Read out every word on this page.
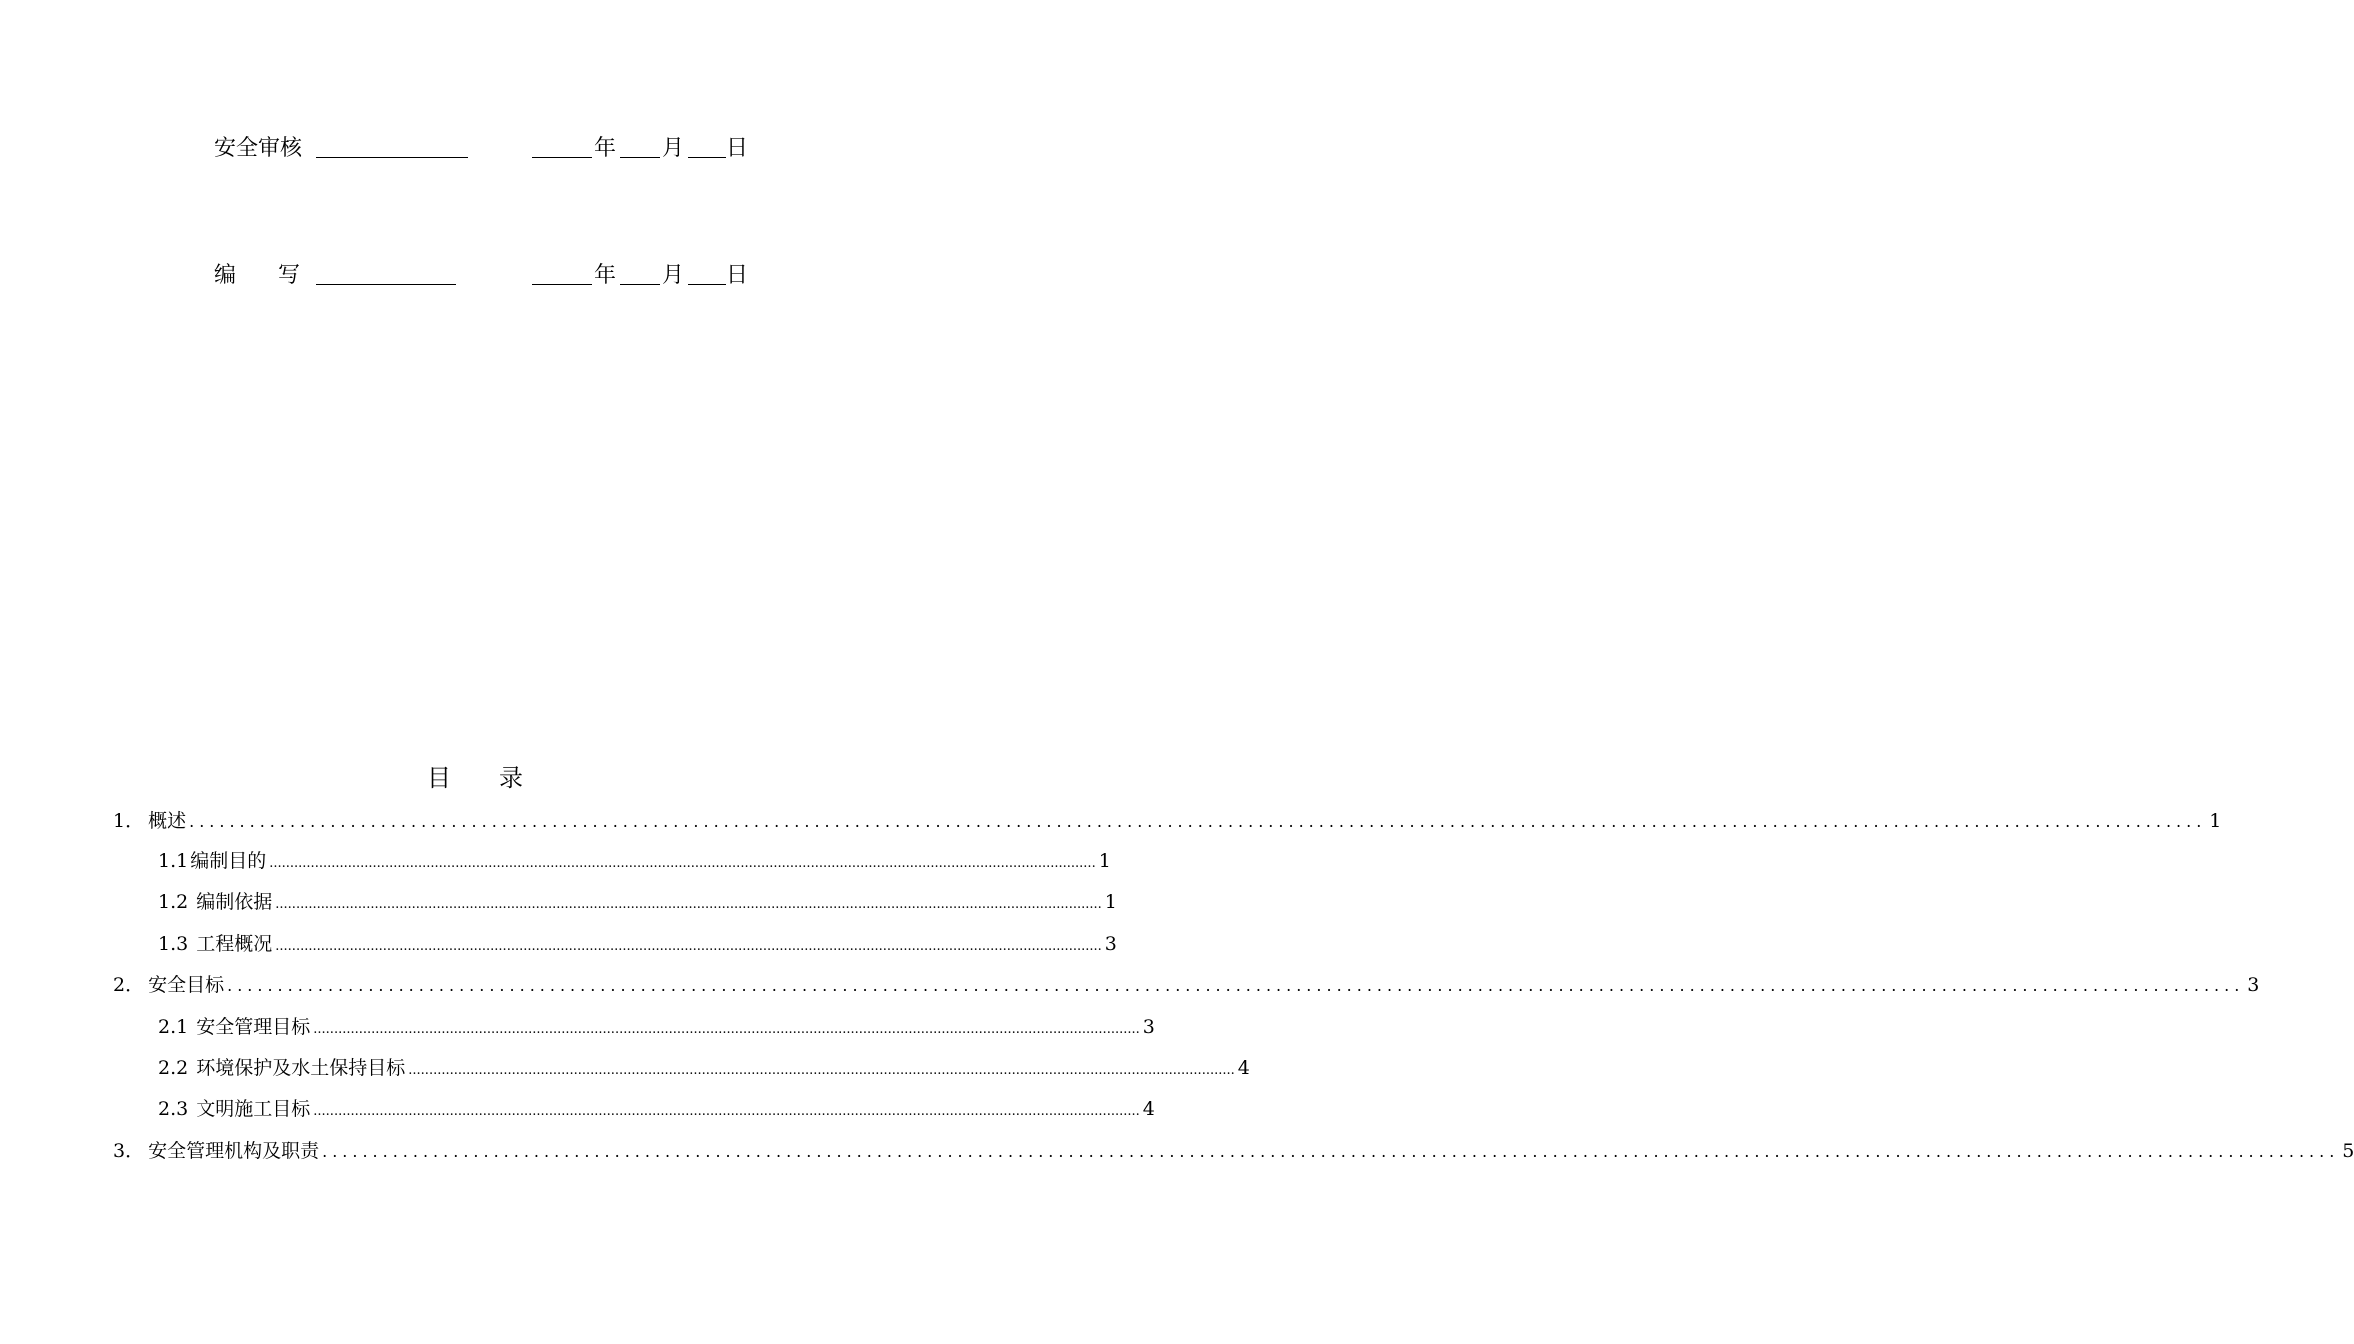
安全审核	年 月 日
编      写	年 月 日
目录
1． 概述 ........................................................................................................................................................................................................ 1
1.1 编制目的 ........................................................................................................................................................................................................ 1
1.2 编制依据 ........................................................................................................................................................................................................ 1
1.3 工程概况 ........................................................................................................................................................................................................ 3
2． 安全目标 ........................................................................................................................................................................................................ 3
2.1 安全管理目标 ........................................................................................................................................................................................................ 3
2.2 环境保护及水土保持目标 ........................................................................................................................................................................................................ 4
2.3 文明施工目标 ........................................................................................................................................................................................................ 4
3． 安全管理机构及职责 ........................................................................................................................................................................................................ 5
